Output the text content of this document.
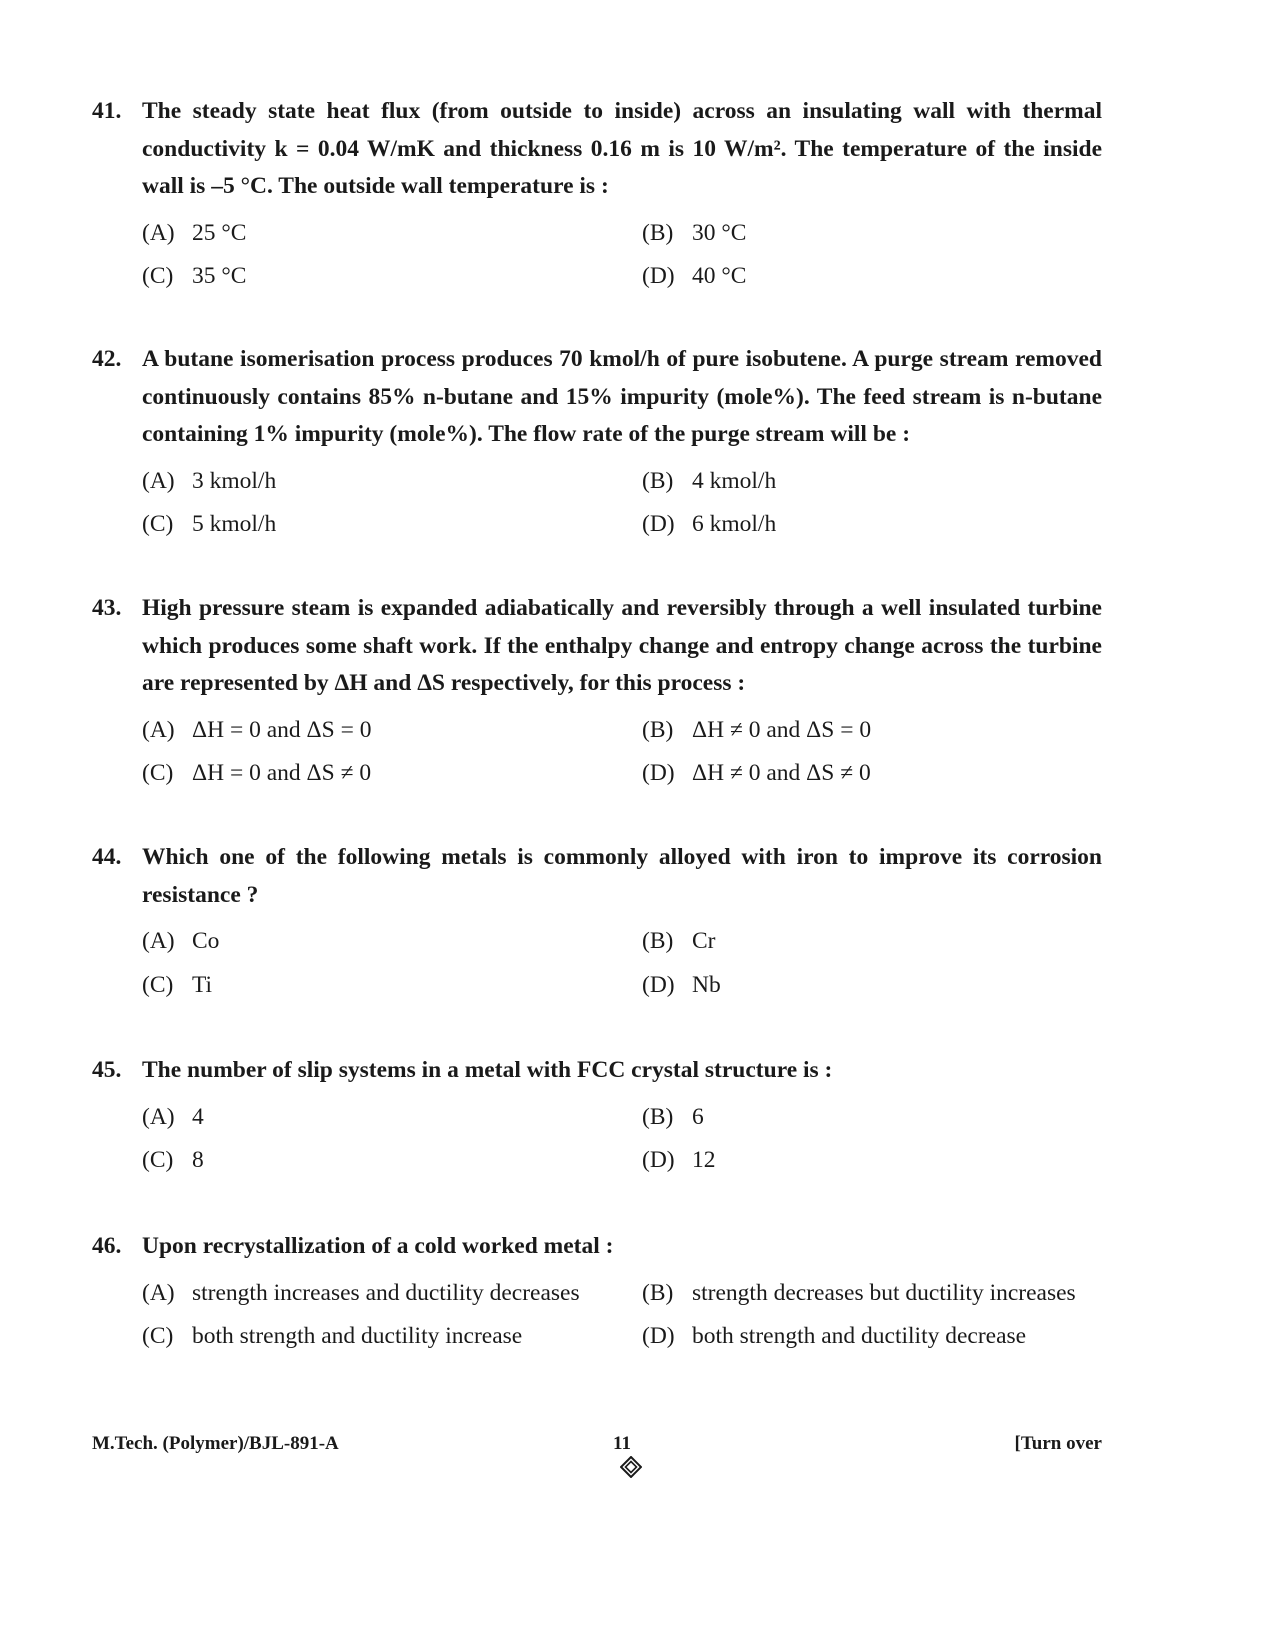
41. The steady state heat flux (from outside to inside) across an insulating wall with thermal conductivity k = 0.04 W/mK and thickness 0.16 m is 10 W/m². The temperature of the inside wall is –5 °C. The outside wall temperature is :
(A) 25 °C	(B) 30 °C
(C) 35 °C	(D) 40 °C
42. A butane isomerisation process produces 70 kmol/h of pure isobutene. A purge stream removed continuously contains 85% n-butane and 15% impurity (mole%). The feed stream is n-butane containing 1% impurity (mole%). The flow rate of the purge stream will be :
(A) 3 kmol/h	(B) 4 kmol/h
(C) 5 kmol/h	(D) 6 kmol/h
43. High pressure steam is expanded adiabatically and reversibly through a well insulated turbine which produces some shaft work. If the enthalpy change and entropy change across the turbine are represented by ΔH and ΔS respectively, for this process :
(A) ΔH = 0 and ΔS = 0	(B) ΔH ≠ 0 and ΔS = 0
(C) ΔH = 0 and ΔS ≠ 0	(D) ΔH ≠ 0 and ΔS ≠ 0
44. Which one of the following metals is commonly alloyed with iron to improve its corrosion resistance ?
(A) Co	(B) Cr
(C) Ti	(D) Nb
45. The number of slip systems in a metal with FCC crystal structure is :
(A) 4	(B) 6
(C) 8	(D) 12
46. Upon recrystallization of a cold worked metal :
(A) strength increases and ductility decreases	(B) strength decreases but ductility increases
(C) both strength and ductility increase	(D) both strength and ductility decrease
M.Tech. (Polymer)/BJL-891-A	11	[Turn over
